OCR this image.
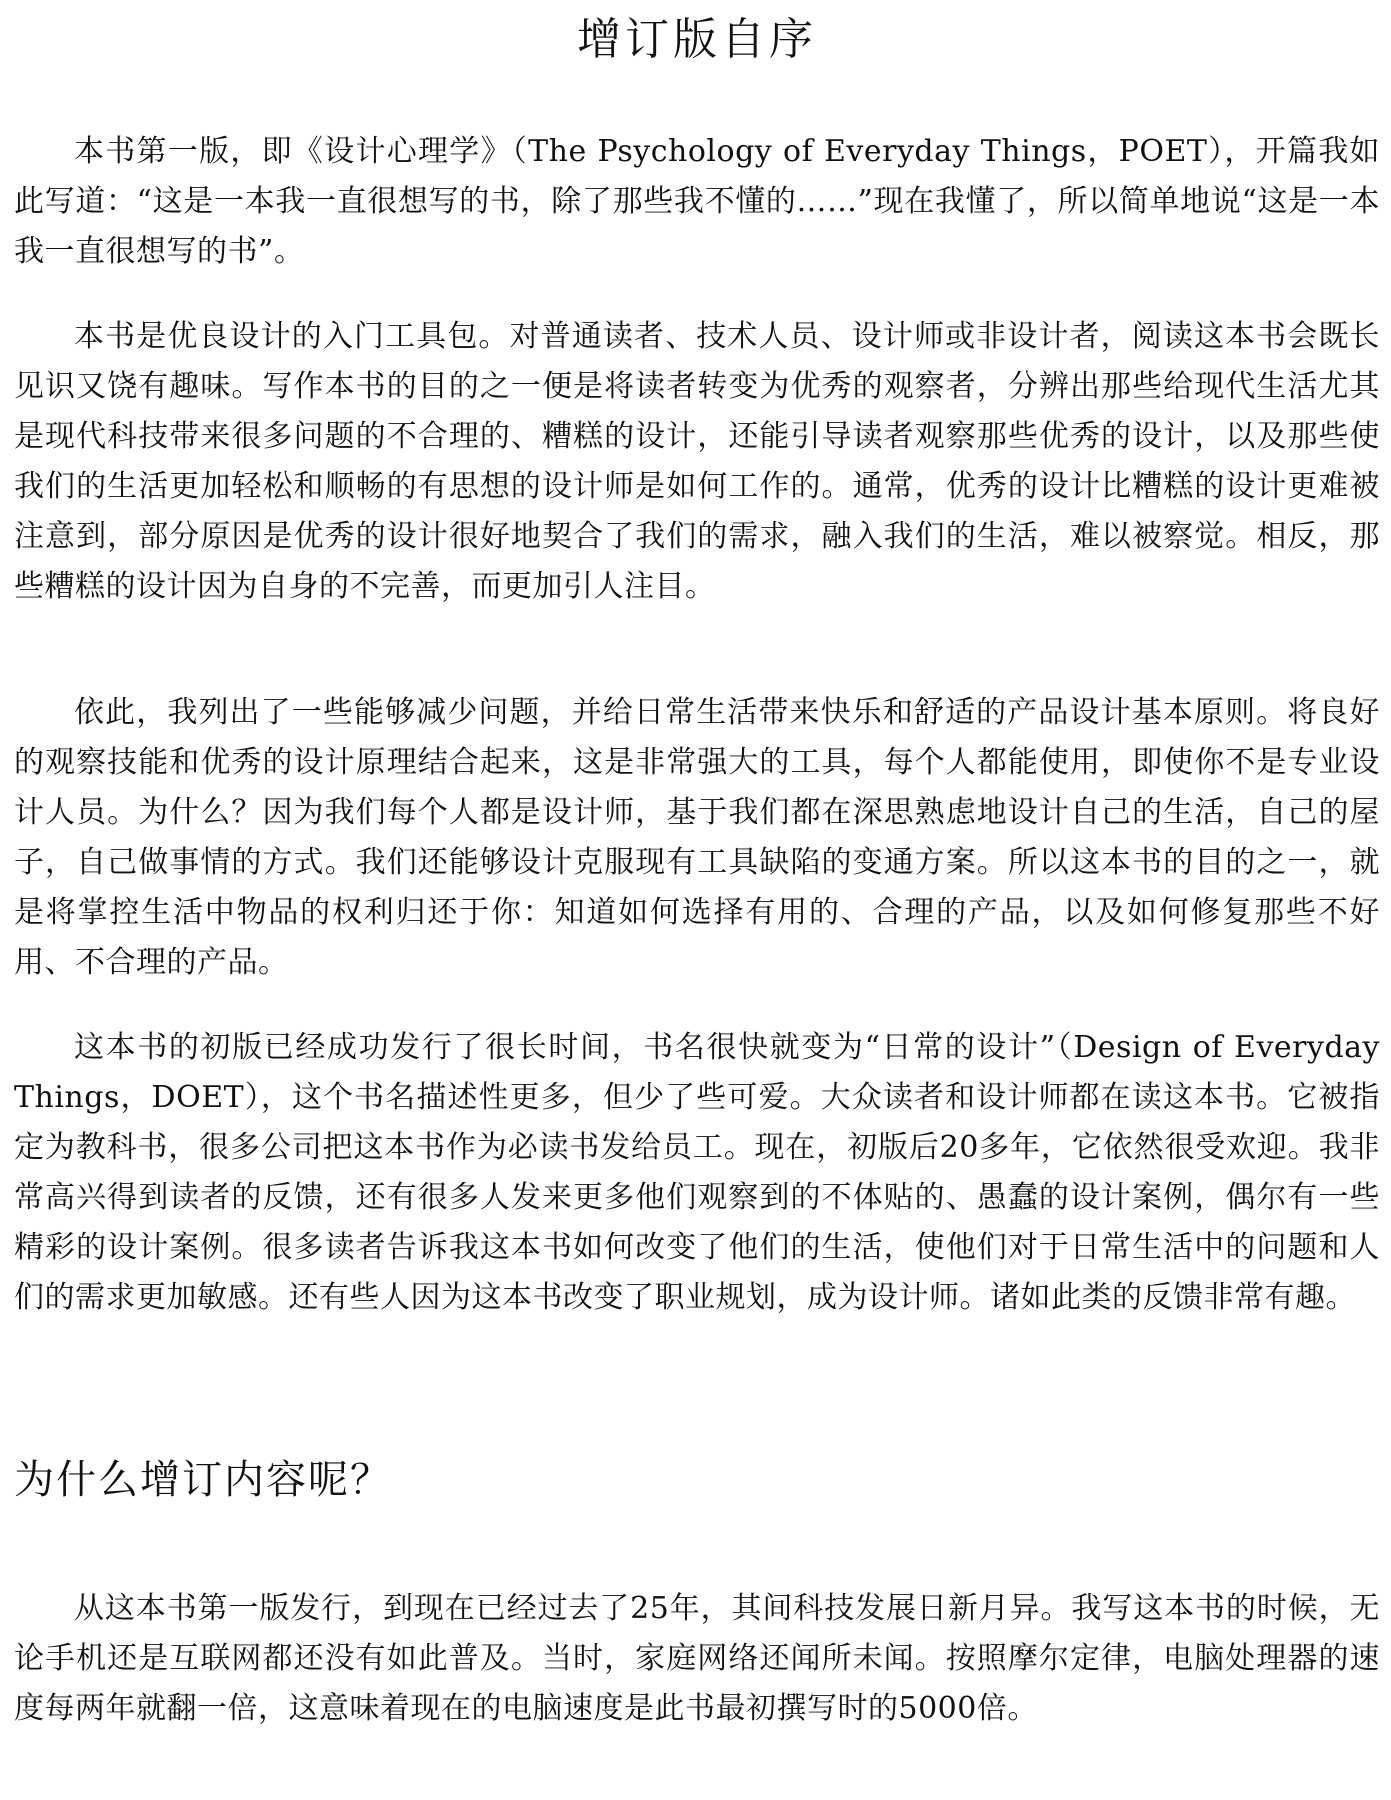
增订版自序

本书第一版，即《设计心理学》（The Psychology of Everyday Things，POET），开篇我如此写道：“这是一本我一直很想写的书，除了那些我不懂的……”现在我懂了，所以简单地说“这是一本我一直很想写的书”。

本书是优良设计的入门工具包。对普通读者、技术人员、设计师或非设计者，阅读这本书会既长见识又饶有趣味。写作本书的目的之一便是将读者转变为优秀的观察者，分辨出那些给现代生活尤其是现代科技带来很多问题的不合理的、糟糕的设计，还能引导读者观察那些优秀的设计，以及那些使我们的生活更加轻松和顺畅的有思想的设计师是如何工作的。通常，优秀的设计比糟糕的设计更难被注意到，部分原因是优秀的设计很好地契合了我们的需求，融入我们的生活，难以被察觉。相反，那些糟糕的设计因为自身的不完善，而更加引人注目。

依此，我列出了一些能够减少问题，并给日常生活带来快乐和舒适的产品设计基本原则。将良好的观察技能和优秀的设计原理结合起来，这是非常强大的工具，每个人都能使用，即使你不是专业设计人员。为什么？因为我们每个人都是设计师，基于我们都在深思熟虑地设计自己的生活，自己的屋子，自己做事情的方式。我们还能够设计克服现有工具缺陷的变通方案。所以这本书的目的之一，就是将掌控生活中物品的权利归还于你：知道如何选择有用的、合理的产品，以及如何修复那些不好用、不合理的产品。

这本书的初版已经成功发行了很长时间，书名很快就变为“日常的设计”（Design of Everyday Things，DOET），这个书名描述性更多，但少了些可爱。大众读者和设计师都在读这本书。它被指定为教科书，很多公司把这本书作为必读书发给员工。现在，初版后20多年，它依然很受欢迎。我非常高兴得到读者的反馈，还有很多人发来更多他们观察到的不体贴的、愚蠢的设计案例，偶尔有一些精彩的设计案例。很多读者告诉我这本书如何改变了他们的生活，使他们对于日常生活中的问题和人们的需求更加敏感。还有些人因为这本书改变了职业规划，成为设计师。诸如此类的反馈非常有趣。

为什么增订内容呢？

从这本书第一版发行，到现在已经过去了25年，其间科技发展日新月异。我写这本书的时候，无论手机还是互联网都还没有如此普及。当时，家庭网络还闻所未闻。按照摩尔定律，电脑处理器的速度每两年就翻一倍，这意味着现在的电脑速度是此书最初撰写时的5000倍。
